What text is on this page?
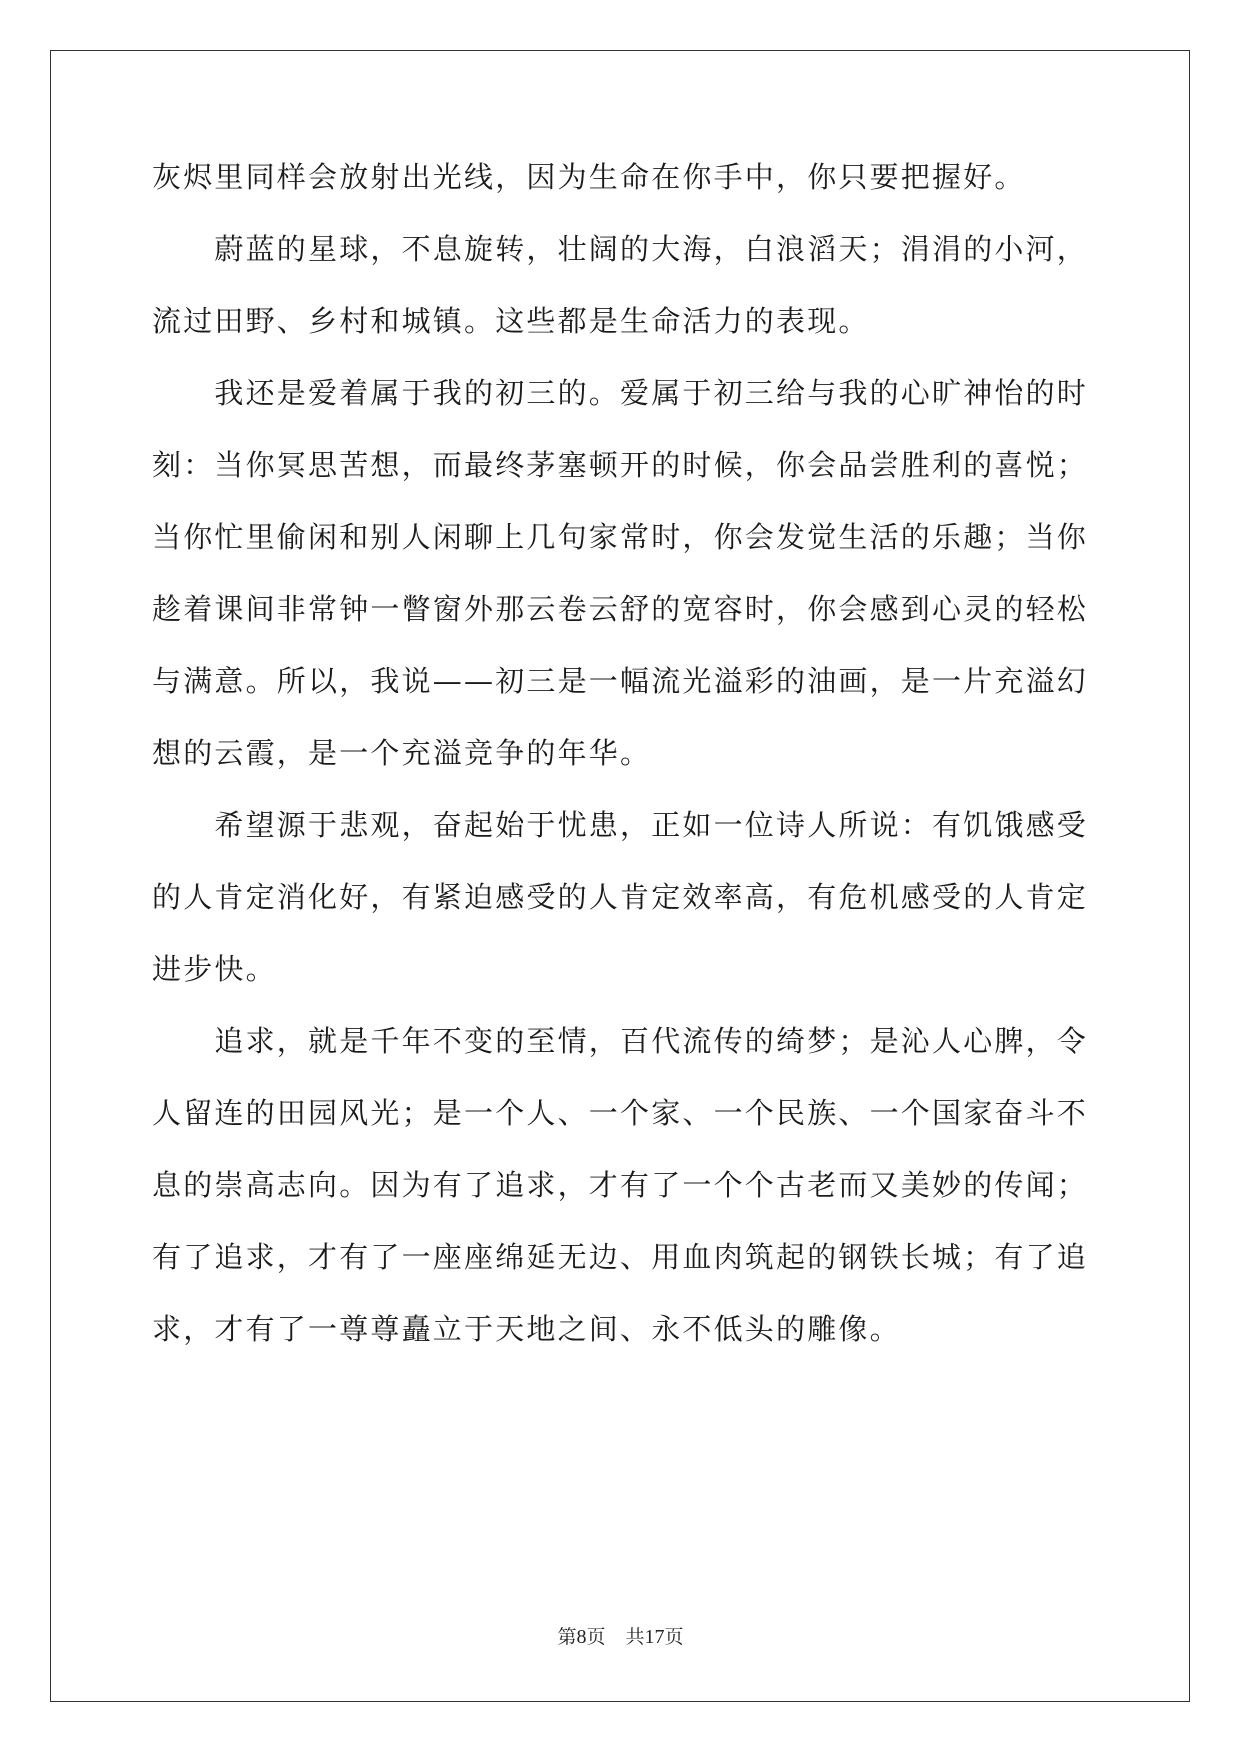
灰烬里同样会放射出光线，因为生命在你手中，你只要把握好。
　　蔚蓝的星球，不息旋转，壮阔的大海，白浪滔天；涓涓的小河，
流过田野、乡村和城镇。这些都是生命活力的表现。
　　我还是爱着属于我的初三的。爱属于初三给与我的心旷神怡的时
刻：当你冥思苦想，而最终茅塞顿开的时候，你会品尝胜利的喜悦；
当你忙里偷闲和别人闲聊上几句家常时，你会发觉生活的乐趣；当你
趁着课间非常钟一瞥窗外那云卷云舒的宽容时，你会感到心灵的轻松
与满意。所以，我说——初三是一幅流光溢彩的油画，是一片充溢幻
想的云霞，是一个充溢竞争的年华。
　　希望源于悲观，奋起始于忧患，正如一位诗人所说：有饥饿感受
的人肯定消化好，有紧迫感受的人肯定效率高，有危机感受的人肯定
进步快。
　　追求，就是千年不变的至情，百代流传的绮梦；是沁人心脾，令
人留连的田园风光；是一个人、一个家、一个民族、一个国家奋斗不
息的崇高志向。因为有了追求，才有了一个个古老而又美妙的传闻；
有了追求，才有了一座座绵延无边、用血肉筑起的钢铁长城；有了追
求，才有了一尊尊矗立于天地之间、永不低头的雕像。
第8页 共17页
